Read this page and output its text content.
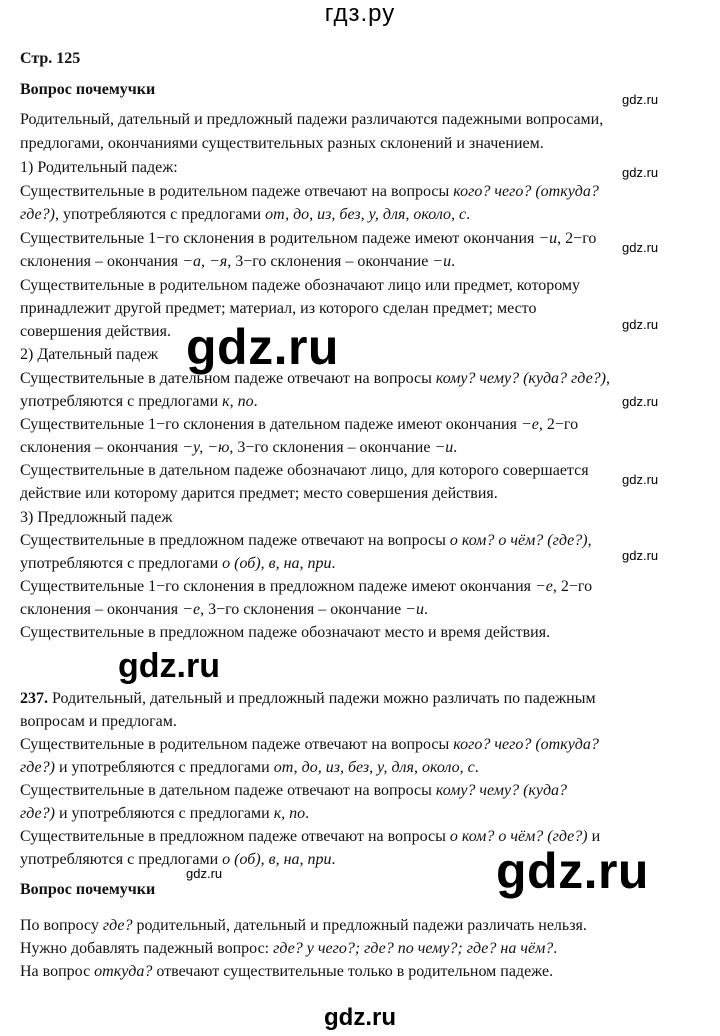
гдз.ру
Стр. 125
Вопрос почемучки
Родительный, дательный и предложный падежи различаются падежными вопросами,
предлогами, окончаниями существительных разных склонений и значением.
1) Родительный падеж:
Существительные в родительном падеже отвечают на вопросы кого? чего? (откуда?
где?), употребляются с предлогами от, до, из, без, у, для, около, с.
Существительные 1−го склонения в родительном падеже имеют окончания −и, 2−го
склонения – окончания −а, −я, 3−го склонения – окончание −и.
Существительные в родительном падеже обозначают лицо или предмет, которому
принадлежит другой предмет; материал, из которого сделан предмет; место
совершения действия.
2) Дательный падеж
Существительные в дательном падеже отвечают на вопросы кому? чему? (куда? где?),
употребляются с предлогами к, по.
Существительные 1−го склонения в дательном падеже имеют окончания −е, 2−го
склонения – окончания −у, −ю, 3−го склонения – окончание −и.
Существительные в дательном падеже обозначают лицо, для которого совершается
действие или которому дарится предмет; место совершения действия.
3) Предложный падеж
Существительные в предложном падеже отвечают на вопросы о ком? о чём? (где?),
употребляются с предлогами о (об), в, на, при.
Существительные 1−го склонения в предложном падеже имеют окончания −е, 2−го
склонения – окончания −е, 3−го склонения – окончание −и.
Существительные в предложном падеже обозначают место и время действия.
237. Родительный, дательный и предложный падежи можно различать по падежным
вопросам и предлогам.
Существительные в родительном падеже отвечают на вопросы кого? чего? (откуда?
где?) и употребляются с предлогами от, до, из, без, у, для, около, с.
Существительные в дательном падеже отвечают на вопросы кому? чему? (куда?
где?) и употребляются с предлогами к, по.
Существительные в предложном падеже отвечают на вопросы о ком? о чём? (где?) и
употребляются с предлогами о (об), в, на, при.
Вопрос почемучки
По вопросу где? родительный, дательный и предложный падежи различать нельзя.
Нужно добавлять падежный вопрос: где? у чего?; где? по чему?; где? на чём?.
На вопрос откуда? отвечают существительные только в родительном падеже.
gdz.ru
gdz.ru
gdz.ru
gdz.ru
gdz.ru
gdz.ru
gdz.ru
gdz.ru
gdz.ru
gdz.ru
gdz.ru
gdz.ru
